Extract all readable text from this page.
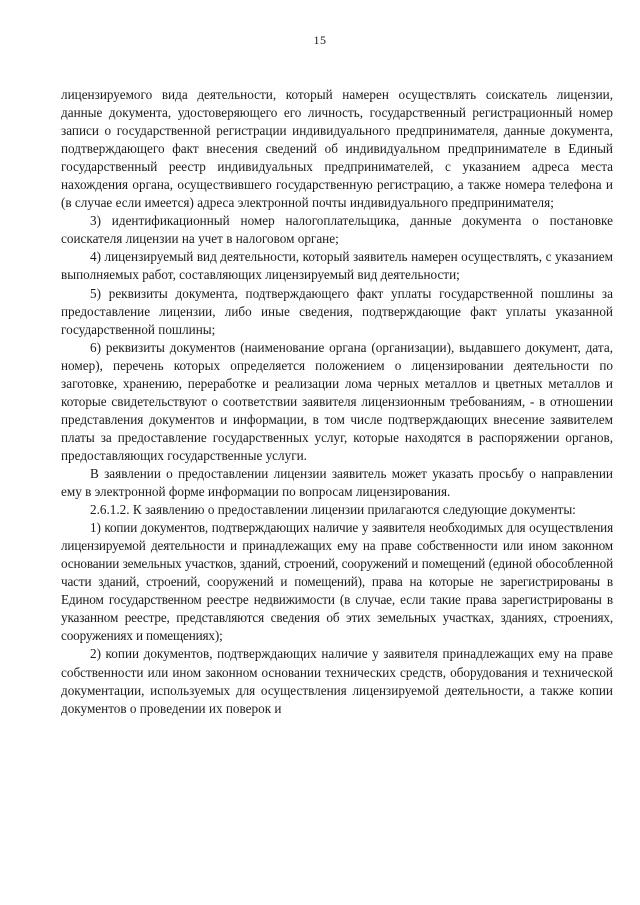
15

лицензируемого вида деятельности, который намерен осуществлять соискатель лицензии, данные документа, удостоверяющего его личность, государственный регистрационный номер записи о государственной регистрации индивидуального предпринимателя, данные документа, подтверждающего факт внесения сведений об индивидуальном предпринимателе в Единый государственный реестр индивидуальных предпринимателей, с указанием адреса места нахождения органа, осуществившего государственную регистрацию, а также номера телефона и (в случае если имеется) адреса электронной почты индивидуального предпринимателя;

3) идентификационный номер налогоплательщика, данные документа о постановке соискателя лицензии на учет в налоговом органе;

4) лицензируемый вид деятельности, который заявитель намерен осуществлять, с указанием выполняемых работ, составляющих лицензируемый вид деятельности;

5) реквизиты документа, подтверждающего факт уплаты государственной пошлины за предоставление лицензии, либо иные сведения, подтверждающие факт уплаты указанной государственной пошлины;

6) реквизиты документов (наименование органа (организации), выдавшего документ, дата, номер), перечень которых определяется положением о лицензировании деятельности по заготовке, хранению, переработке и реализации лома черных металлов и цветных металлов и которые свидетельствуют о соответствии заявителя лицензионным требованиям, - в отношении представления документов и информации, в том числе подтверждающих внесение заявителем платы за предоставление государственных услуг, которые находятся в распоряжении органов, предоставляющих государственные услуги.

В заявлении о предоставлении лицензии заявитель может указать просьбу о направлении ему в электронной форме информации по вопросам лицензирования.

2.6.1.2. К заявлению о предоставлении лицензии прилагаются следующие документы:

1) копии документов, подтверждающих наличие у заявителя необходимых для осуществления лицензируемой деятельности и принадлежащих ему на праве собственности или ином законном основании земельных участков, зданий, строений, сооружений и помещений (единой обособленной части зданий, строений, сооружений и помещений), права на которые не зарегистрированы в Едином государственном реестре недвижимости (в случае, если такие права зарегистрированы в указанном реестре, представляются сведения об этих земельных участках, зданиях, строениях, сооружениях и помещениях);

2) копии документов, подтверждающих наличие у заявителя принадлежащих ему на праве собственности или ином законном основании технических средств, оборудования и технической документации, используемых для осуществления лицензируемой деятельности, а также копии документов о проведении их поверок и
